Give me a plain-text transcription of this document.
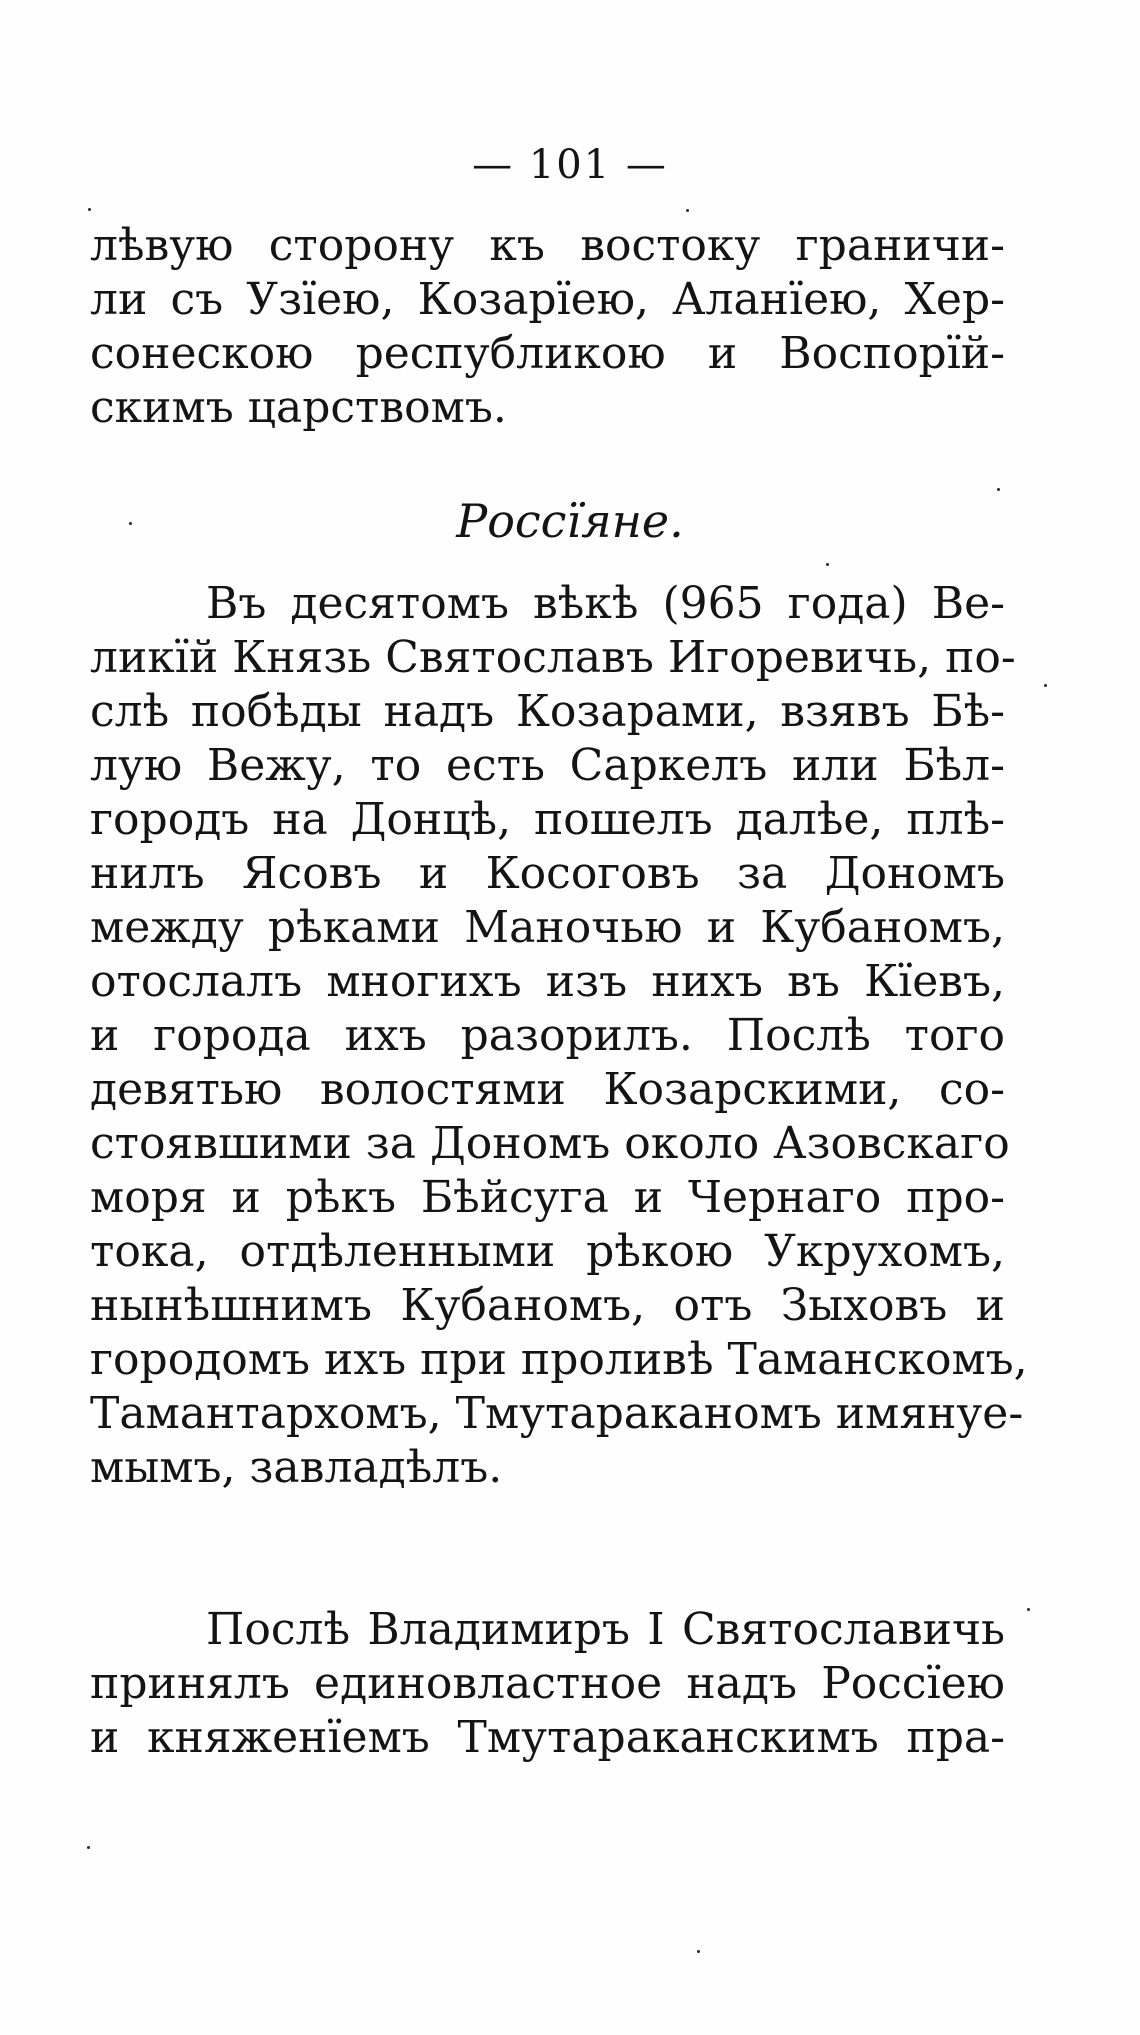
— 101 —
лѣвую сторону къ востоку граничи-
ли съ Узїею, Козарїею, Аланїею, Хер-
сонескою республикою и Воспорїй-
скимъ царствомъ.
Россїяне.
Въ десятомъ вѣкѣ (965 года) Ве-
ликїй Князь Святославъ Игоревичь, по-
слѣ побѣды надъ Козарами, взявъ Бѣ-
лую Вежу, то есть Саркелъ или Бѣл-
городъ на Донцѣ, пошелъ далѣе, плѣ-
нилъ Ясовъ и Косоговъ за Дономъ
между рѣками Маночью и Кубаномъ,
отослалъ многихъ изъ нихъ въ Кїевъ,
и города ихъ разорилъ. Послѣ того
девятью волостями Козарскими, со-
стоявшими за Дономъ около Азовскаго
моря и рѣкъ Бѣйсуга и Чернаго про-
тока, отдѣленными рѣкою Укрухомъ,
нынѣшнимъ Кубаномъ, отъ Зыховъ и
городомъ ихъ при проливѣ Таманскомъ,
Тамантархомъ, Тмутараканомъ имянуе-
мымъ, завладѣлъ.
Послѣ Владимиръ I Святославичь
принялъ единовластное надъ Россїею
и княженїемъ Тмутараканскимъ пра-
